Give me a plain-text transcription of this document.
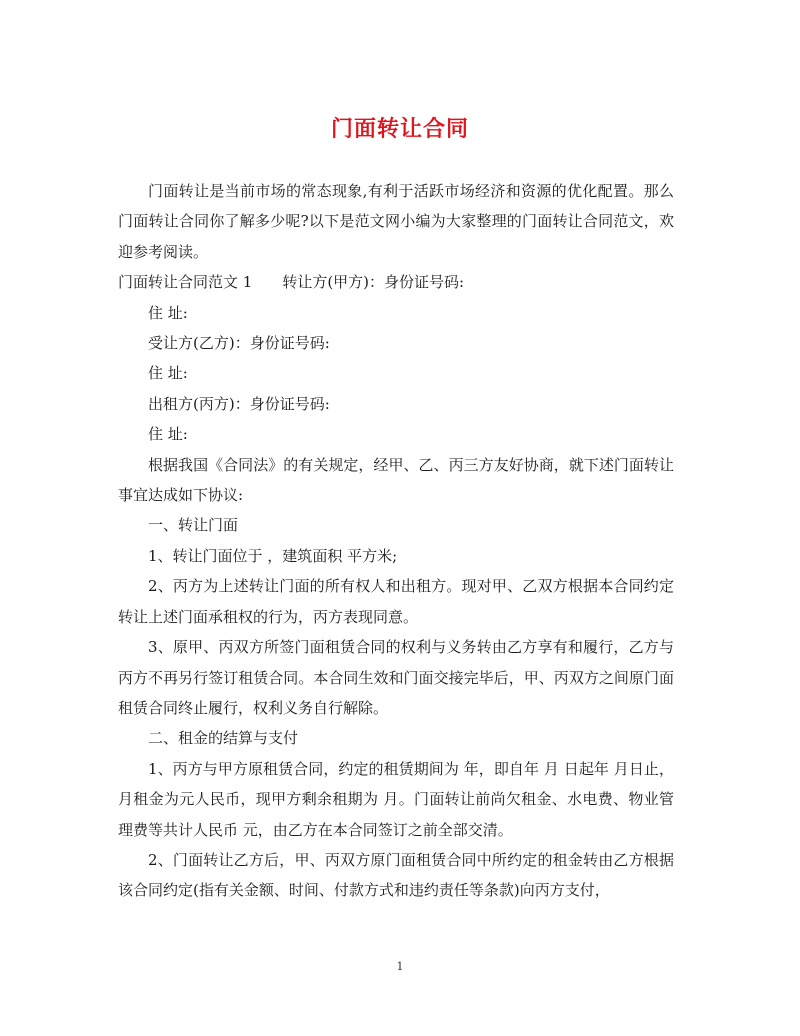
门面转让合同

门面转让是当前市场的常态现象,有利于活跃市场经济和资源的优化配置。那么门面转让合同你了解多少呢?以下是范文网小编为大家整理的门面转让合同范文，欢迎参考阅读。

门面转让合同范文 1 转让方(甲方)：身份证号码:

住 址:

受让方(乙方)：身份证号码:

住 址:

出租方(丙方)：身份证号码:

住 址:

根据我国《合同法》的有关规定，经甲、乙、丙三方友好协商，就下述门面转让事宜达成如下协议:

一、转让门面

1、转让门面位于 ，建筑面积 平方米;

2、丙方为上述转让门面的所有权人和出租方。现对甲、乙双方根据本合同约定转让上述门面承租权的行为，丙方表现同意。

3、原甲、丙双方所签门面租赁合同的权利与义务转由乙方享有和履行，乙方与丙方不再另行签订租赁合同。本合同生效和门面交接完毕后，甲、丙双方之间原门面租赁合同终止履行，权利义务自行解除。

二、租金的结算与支付

1、丙方与甲方原租赁合同，约定的租赁期间为 年，即自年 月 日起年 月日止，月租金为元人民币，现甲方剩余租期为 月。门面转让前尚欠租金、水电费、物业管理费等共计人民币 元，由乙方在本合同签订之前全部交清。

2、门面转让乙方后，甲、丙双方原门面租赁合同中所约定的租金转由乙方根据该合同约定(指有关金额、时间、付款方式和违约责任等条款)向丙方支付，

1
